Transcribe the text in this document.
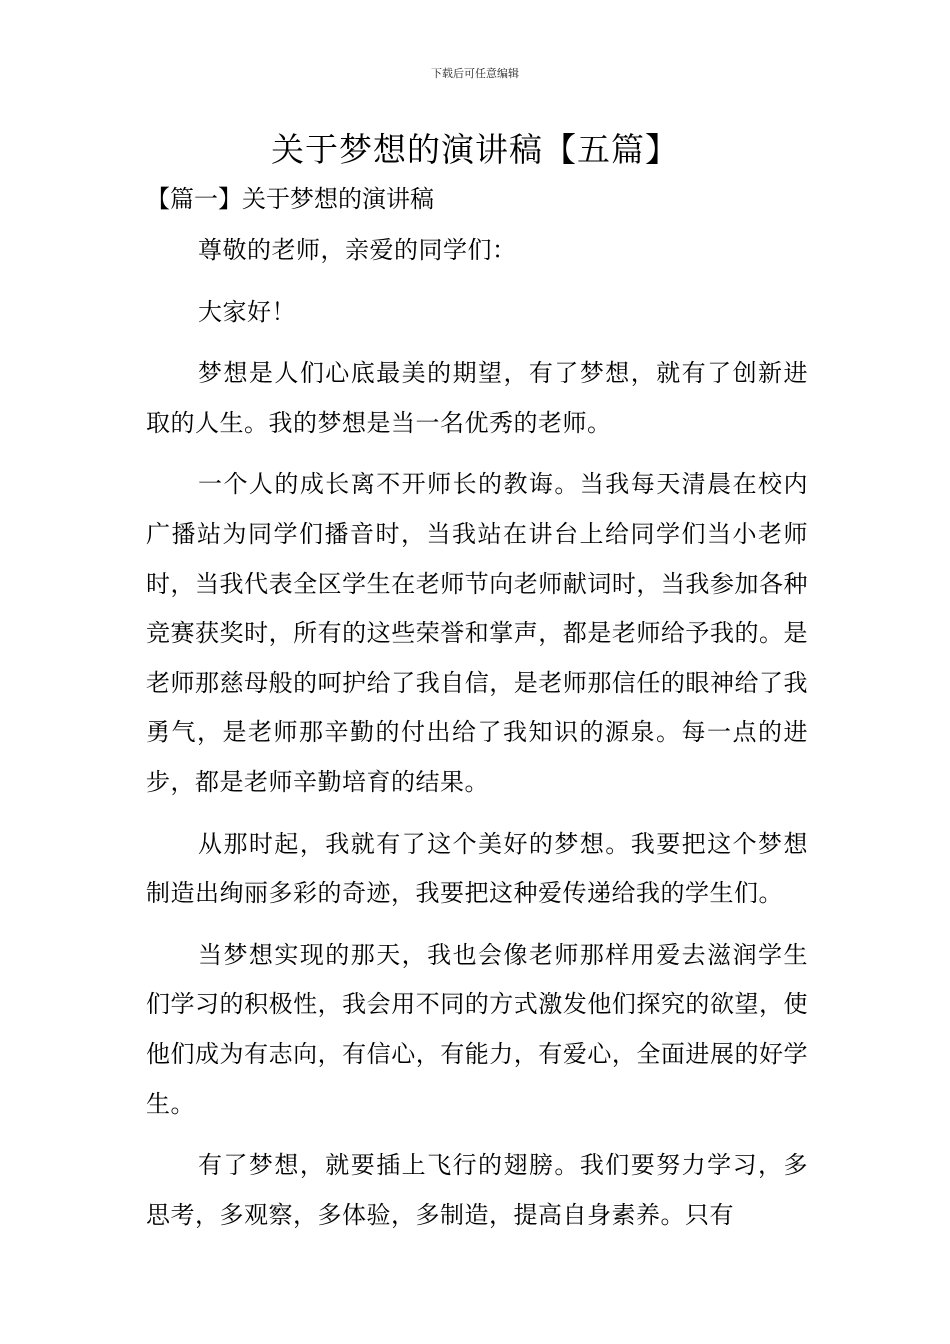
下载后可任意编辑
关于梦想的演讲稿【五篇】
【篇一】关于梦想的演讲稿

尊敬的老师，亲爱的同学们：

大家好！

梦想是人们心底最美的期望，有了梦想，就有了创新进取的人生。我的梦想是当一名优秀的老师。

一个人的成长离不开师长的教诲。当我每天清晨在校内广播站为同学们播音时，当我站在讲台上给同学们当小老师时，当我代表全区学生在老师节向老师献词时，当我参加各种竞赛获奖时，所有的这些荣誉和掌声，都是老师给予我的。是老师那慈母般的呵护给了我自信，是老师那信任的眼神给了我勇气，是老师那辛勤的付出给了我知识的源泉。每一点的进步，都是老师辛勤培育的结果。

从那时起，我就有了这个美好的梦想。我要把这个梦想制造出绚丽多彩的奇迹，我要把这种爱传递给我的学生们。

当梦想实现的那天，我也会像老师那样用爱去滋润学生们学习的积极性，我会用不同的方式激发他们探究的欲望，使他们成为有志向，有信心，有能力，有爱心，全面进展的好学生。

有了梦想，就要插上飞行的翅膀。我们要努力学习，多思考，多观察，多体验，多制造，提高自身素养。只有
